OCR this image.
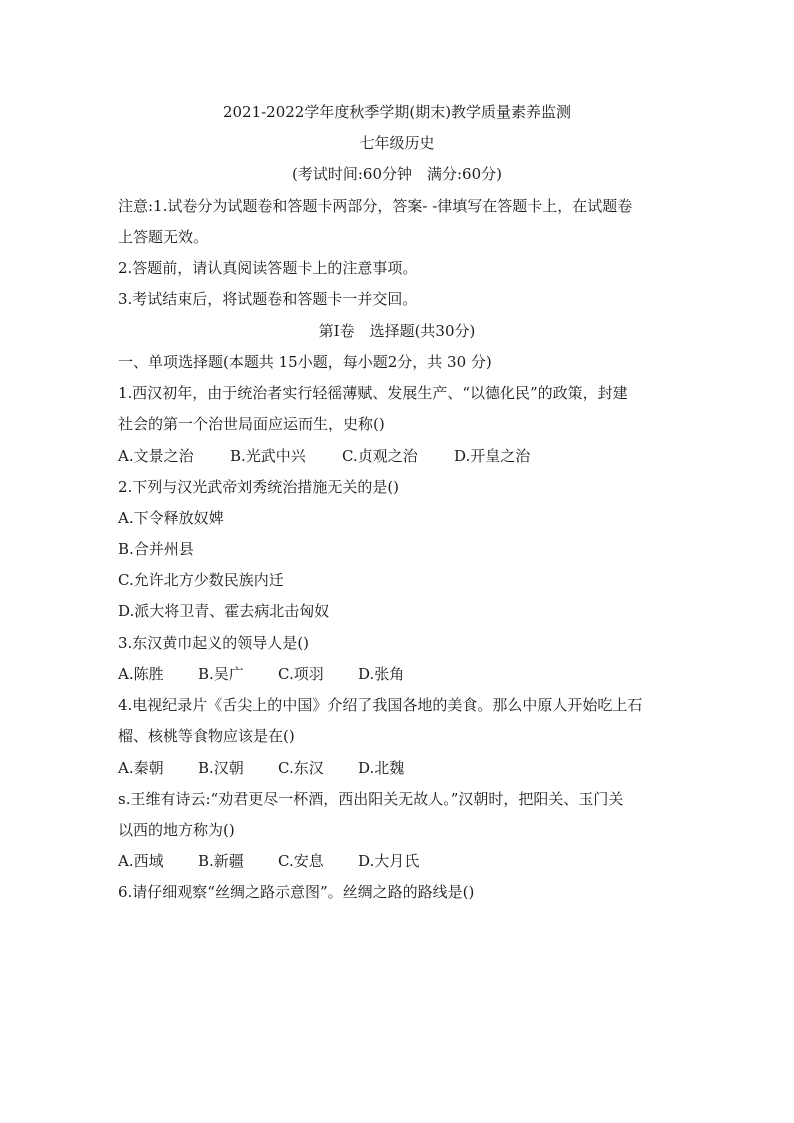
2021-2022学年度秋季学期(期末)教学质量素养监测
七年级历史
(考试时间:60分钟　满分:60分)
注意:1.试卷分为试题卷和答题卡两部分，答案- -律填写在答题卡上，在试题卷
上答题无效。
2.答题前，请认真阅读答题卡上的注意事项。
3.考试结束后，将试题卷和答题卡一并交回。
第Ⅰ卷　选择题(共30分)
一、单项选择题(本题共 15小题，每小题2分，共 30 分)
1.西汉初年，由于统治者实行轻徭薄赋、发展生产、“以德化民”的政策，封建
社会的第一个治世局面应运而生，史称()
A.文景之治 B.光武中兴 C.贞观之治 D.开皇之治
2.下列与汉光武帝刘秀统治措施无关的是()
A.下令释放奴婢
B.合并州县
C.允许北方少数民族内迁
D.派大将卫青、霍去病北击匈奴
3.东汉黄巾起义的领导人是()
A.陈胜 B.吴广 C.项羽 D.张角
4.电视纪录片《舌尖上的中国》介绍了我国各地的美食。那么中原人开始吃上石
榴、核桃等食物应该是在()
A.秦朝 B.汉朝 C.东汉 D.北魏
s.王维有诗云:“劝君更尽一杯酒，西出阳关无故人。”汉朝时，把阳关、玉门关
以西的地方称为()
A.西域 B.新疆 C.安息 D.大月氏
6.请仔细观察“丝绸之路示意图”。丝绸之路的路线是()
